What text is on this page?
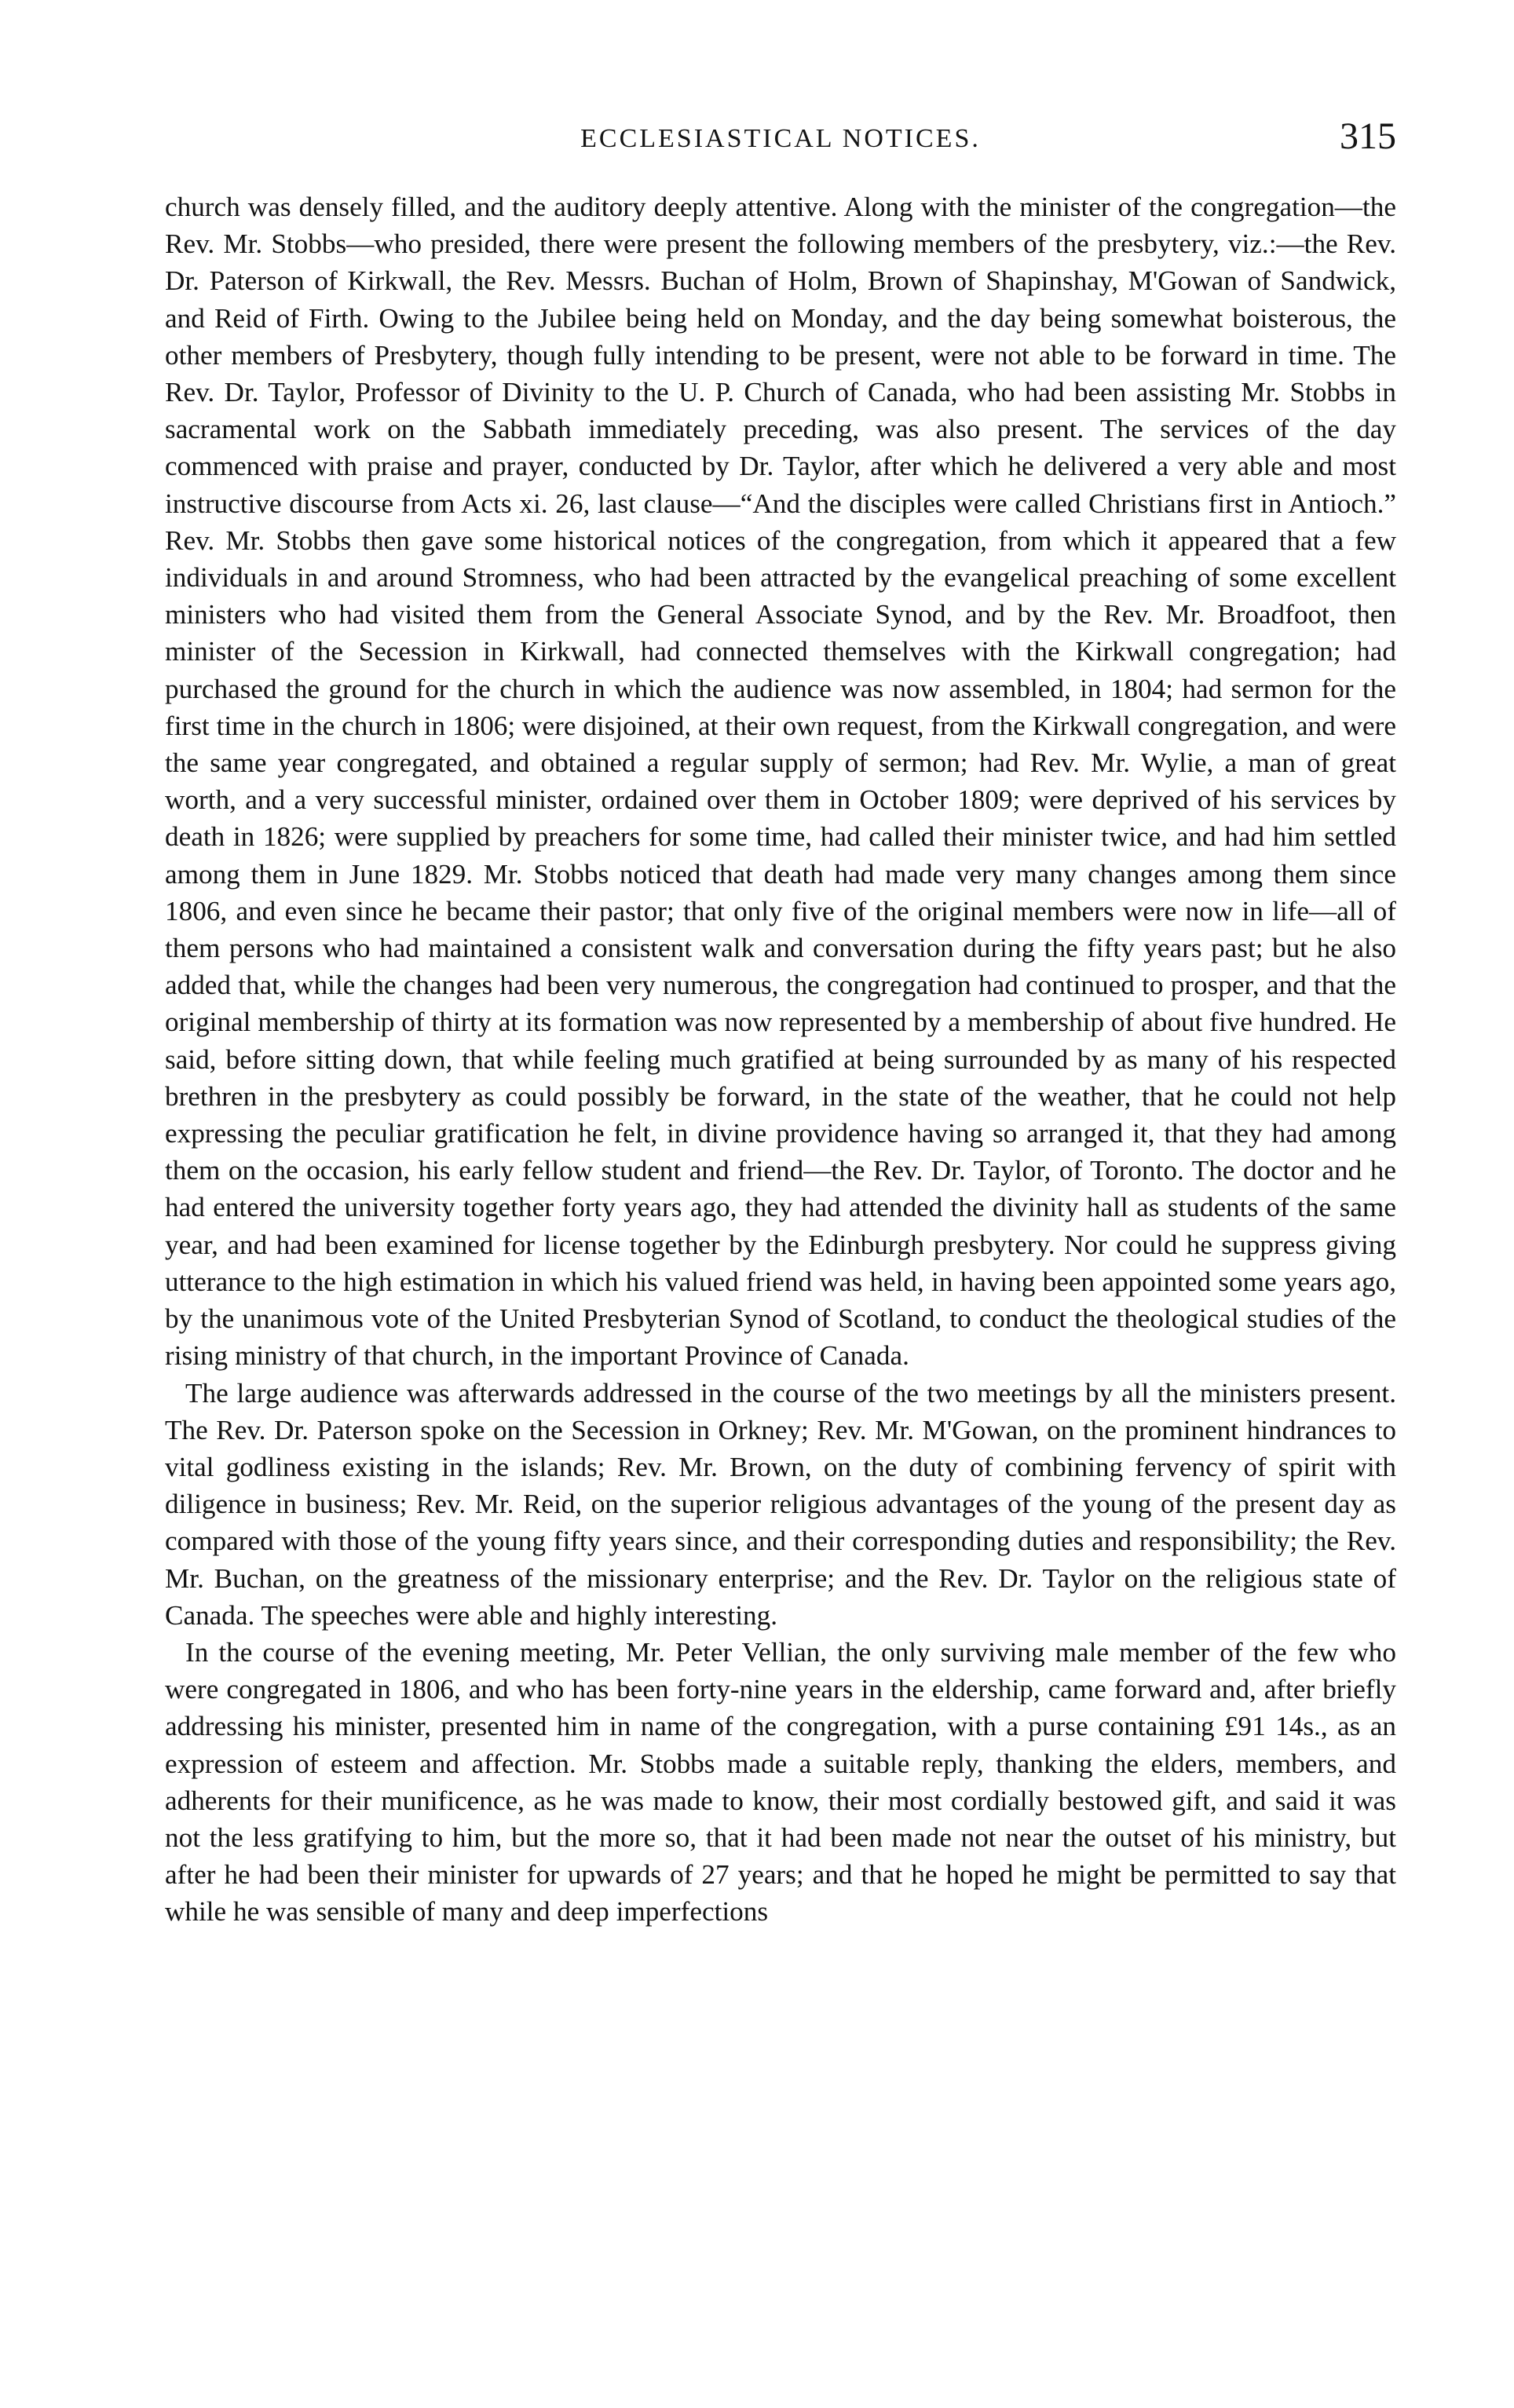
ECCLESIASTICAL NOTICES.	315

church was densely filled, and the auditory deeply attentive. Along with the minister of the congregation—the Rev. Mr. Stobbs—who presided, there were present the following members of the presbytery, viz.:—the Rev. Dr. Paterson of Kirkwall, the Rev. Messrs. Buchan of Holm, Brown of Shapinshay, M'Gowan of Sandwick, and Reid of Firth. Owing to the Jubilee being held on Monday, and the day being somewhat boisterous, the other members of Presbytery, though fully intending to be present, were not able to be forward in time. The Rev. Dr. Taylor, Professor of Divinity to the U. P. Church of Canada, who had been assisting Mr. Stobbs in sacramental work on the Sabbath immediately preceding, was also present. The services of the day commenced with praise and prayer, conducted by Dr. Taylor, after which he delivered a very able and most instructive discourse from Acts xi. 26, last clause—“And the disciples were called Christians first in Antioch.” Rev. Mr. Stobbs then gave some historical notices of the congregation, from which it appeared that a few individuals in and around Stromness, who had been attracted by the evangelical preaching of some excellent ministers who had visited them from the General Associate Synod, and by the Rev. Mr. Broadfoot, then minister of the Secession in Kirkwall, had connected themselves with the Kirkwall congregation; had purchased the ground for the church in which the audience was now assembled, in 1804; had sermon for the first time in the church in 1806; were disjoined, at their own request, from the Kirkwall congregation, and were the same year congregated, and obtained a regular supply of sermon; had Rev. Mr. Wylie, a man of great worth, and a very successful minister, ordained over them in October 1809; were deprived of his services by death in 1826; were supplied by preachers for some time, had called their minister twice, and had him settled among them in June 1829. Mr. Stobbs noticed that death had made very many changes among them since 1806, and even since he became their pastor; that only five of the original members were now in life—all of them persons who had maintained a consistent walk and conversation during the fifty years past; but he also added that, while the changes had been very numerous, the congregation had continued to prosper, and that the original membership of thirty at its formation was now represented by a membership of about five hundred. He said, before sitting down, that while feeling much gratified at being surrounded by as many of his respected brethren in the presbytery as could possibly be forward, in the state of the weather, that he could not help expressing the peculiar gratification he felt, in divine providence having so arranged it, that they had among them on the occasion, his early fellow student and friend—the Rev. Dr. Taylor, of Toronto. The doctor and he had entered the university together forty years ago, they had attended the divinity hall as students of the same year, and had been examined for license together by the Edinburgh presbytery. Nor could he suppress giving utterance to the high estimation in which his valued friend was held, in having been appointed some years ago, by the unanimous vote of the United Presbyterian Synod of Scotland, to conduct the theological studies of the rising ministry of that church, in the important Province of Canada.

The large audience was afterwards addressed in the course of the two meetings by all the ministers present. The Rev. Dr. Paterson spoke on the Secession in Orkney; Rev. Mr. M'Gowan, on the prominent hindrances to vital godliness existing in the islands; Rev. Mr. Brown, on the duty of combining fervency of spirit with diligence in business; Rev. Mr. Reid, on the superior religious advantages of the young of the present day as compared with those of the young fifty years since, and their corresponding duties and responsibility; the Rev. Mr. Buchan, on the greatness of the missionary enterprise; and the Rev. Dr. Taylor on the religious state of Canada. The speeches were able and highly interesting.

In the course of the evening meeting, Mr. Peter Vellian, the only surviving male member of the few who were congregated in 1806, and who has been forty-nine years in the eldership, came forward and, after briefly addressing his minister, presented him in name of the congregation, with a purse containing £91 14s., as an expression of esteem and affection. Mr. Stobbs made a suitable reply, thanking the elders, members, and adherents for their munificence, as he was made to know, their most cordially bestowed gift, and said it was not the less gratifying to him, but the more so, that it had been made not near the outset of his ministry, but after he had been their minister for upwards of 27 years; and that he hoped he might be permitted to say that while he was sensible of many and deep imperfections
